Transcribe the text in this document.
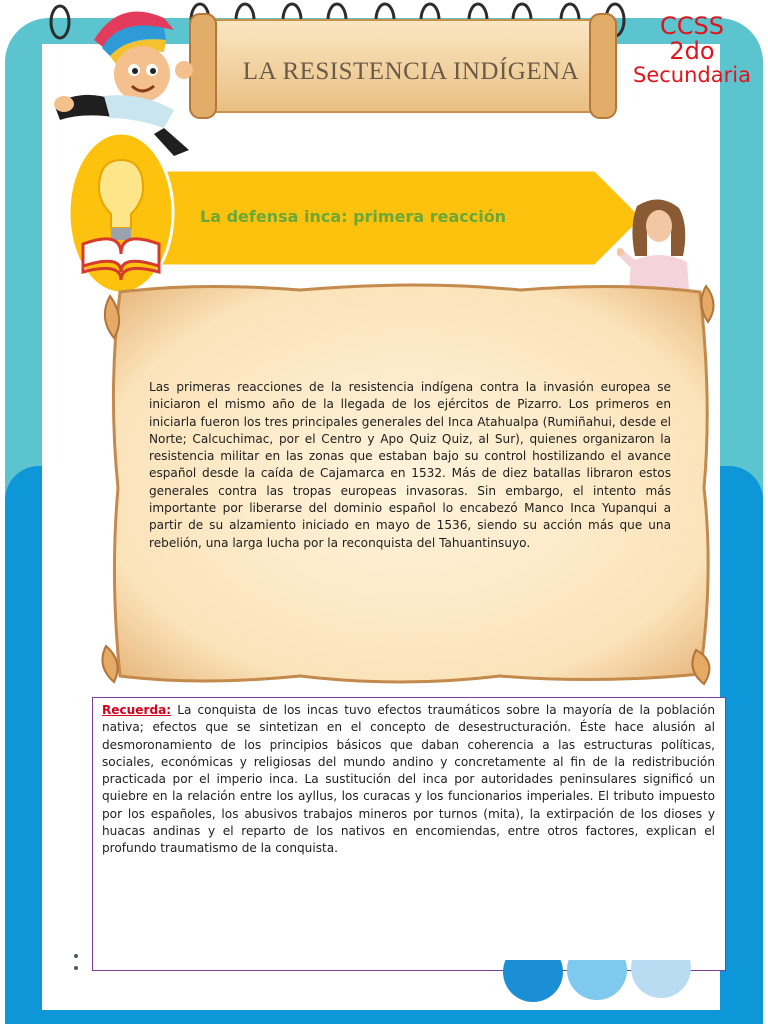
LA RESISTENCIA INDÍGENA
CCSS
2do
Secundaria
La defensa inca: primera reacción
Las primeras reacciones de la resistencia indígena contra la invasión europea se iniciaron el mismo año de la llegada de los ejércitos de Pizarro. Los primeros en iniciarla fueron los tres principales generales del Inca Atahualpa (Rumiñahui, desde el Norte; Calcuchimac, por el Centro y Apo Quiz Quiz, al Sur), quienes organizaron la resistencia militar en las zonas que estaban bajo su control hostilizando el avance español desde la caída de Cajamarca en 1532. Más de diez batallas libraron estos generales contra las tropas europeas invasoras. Sin embargo, el intento más importante por liberarse del dominio español lo encabezó Manco Inca Yupanqui a partir de su alzamiento iniciado en mayo de 1536, siendo su acción más que una rebelión, una larga lucha por la reconquista del Tahuantinsuyo.
Recuerda: La conquista de los incas tuvo efectos traumáticos sobre la mayoría de la población nativa; efectos que se sintetizan en el concepto de desestructuración. Éste hace alusión al desmoronamiento de los principios básicos que daban coherencia a las estructuras políticas, sociales, económicas y religiosas del mundo andino y concretamente al fin de la redistribución practicada por el imperio inca. La sustitución del inca por autoridades peninsulares significó un quiebre en la relación entre los ayllus, los curacas y los funcionarios imperiales. El tributo impuesto por los españoles, los abusivos trabajos mineros por turnos (mita), la extirpación de los dioses y huacas andinas y el reparto de los nativos en encomiendas, entre otros factores, explican el profundo traumatismo de la conquista.
